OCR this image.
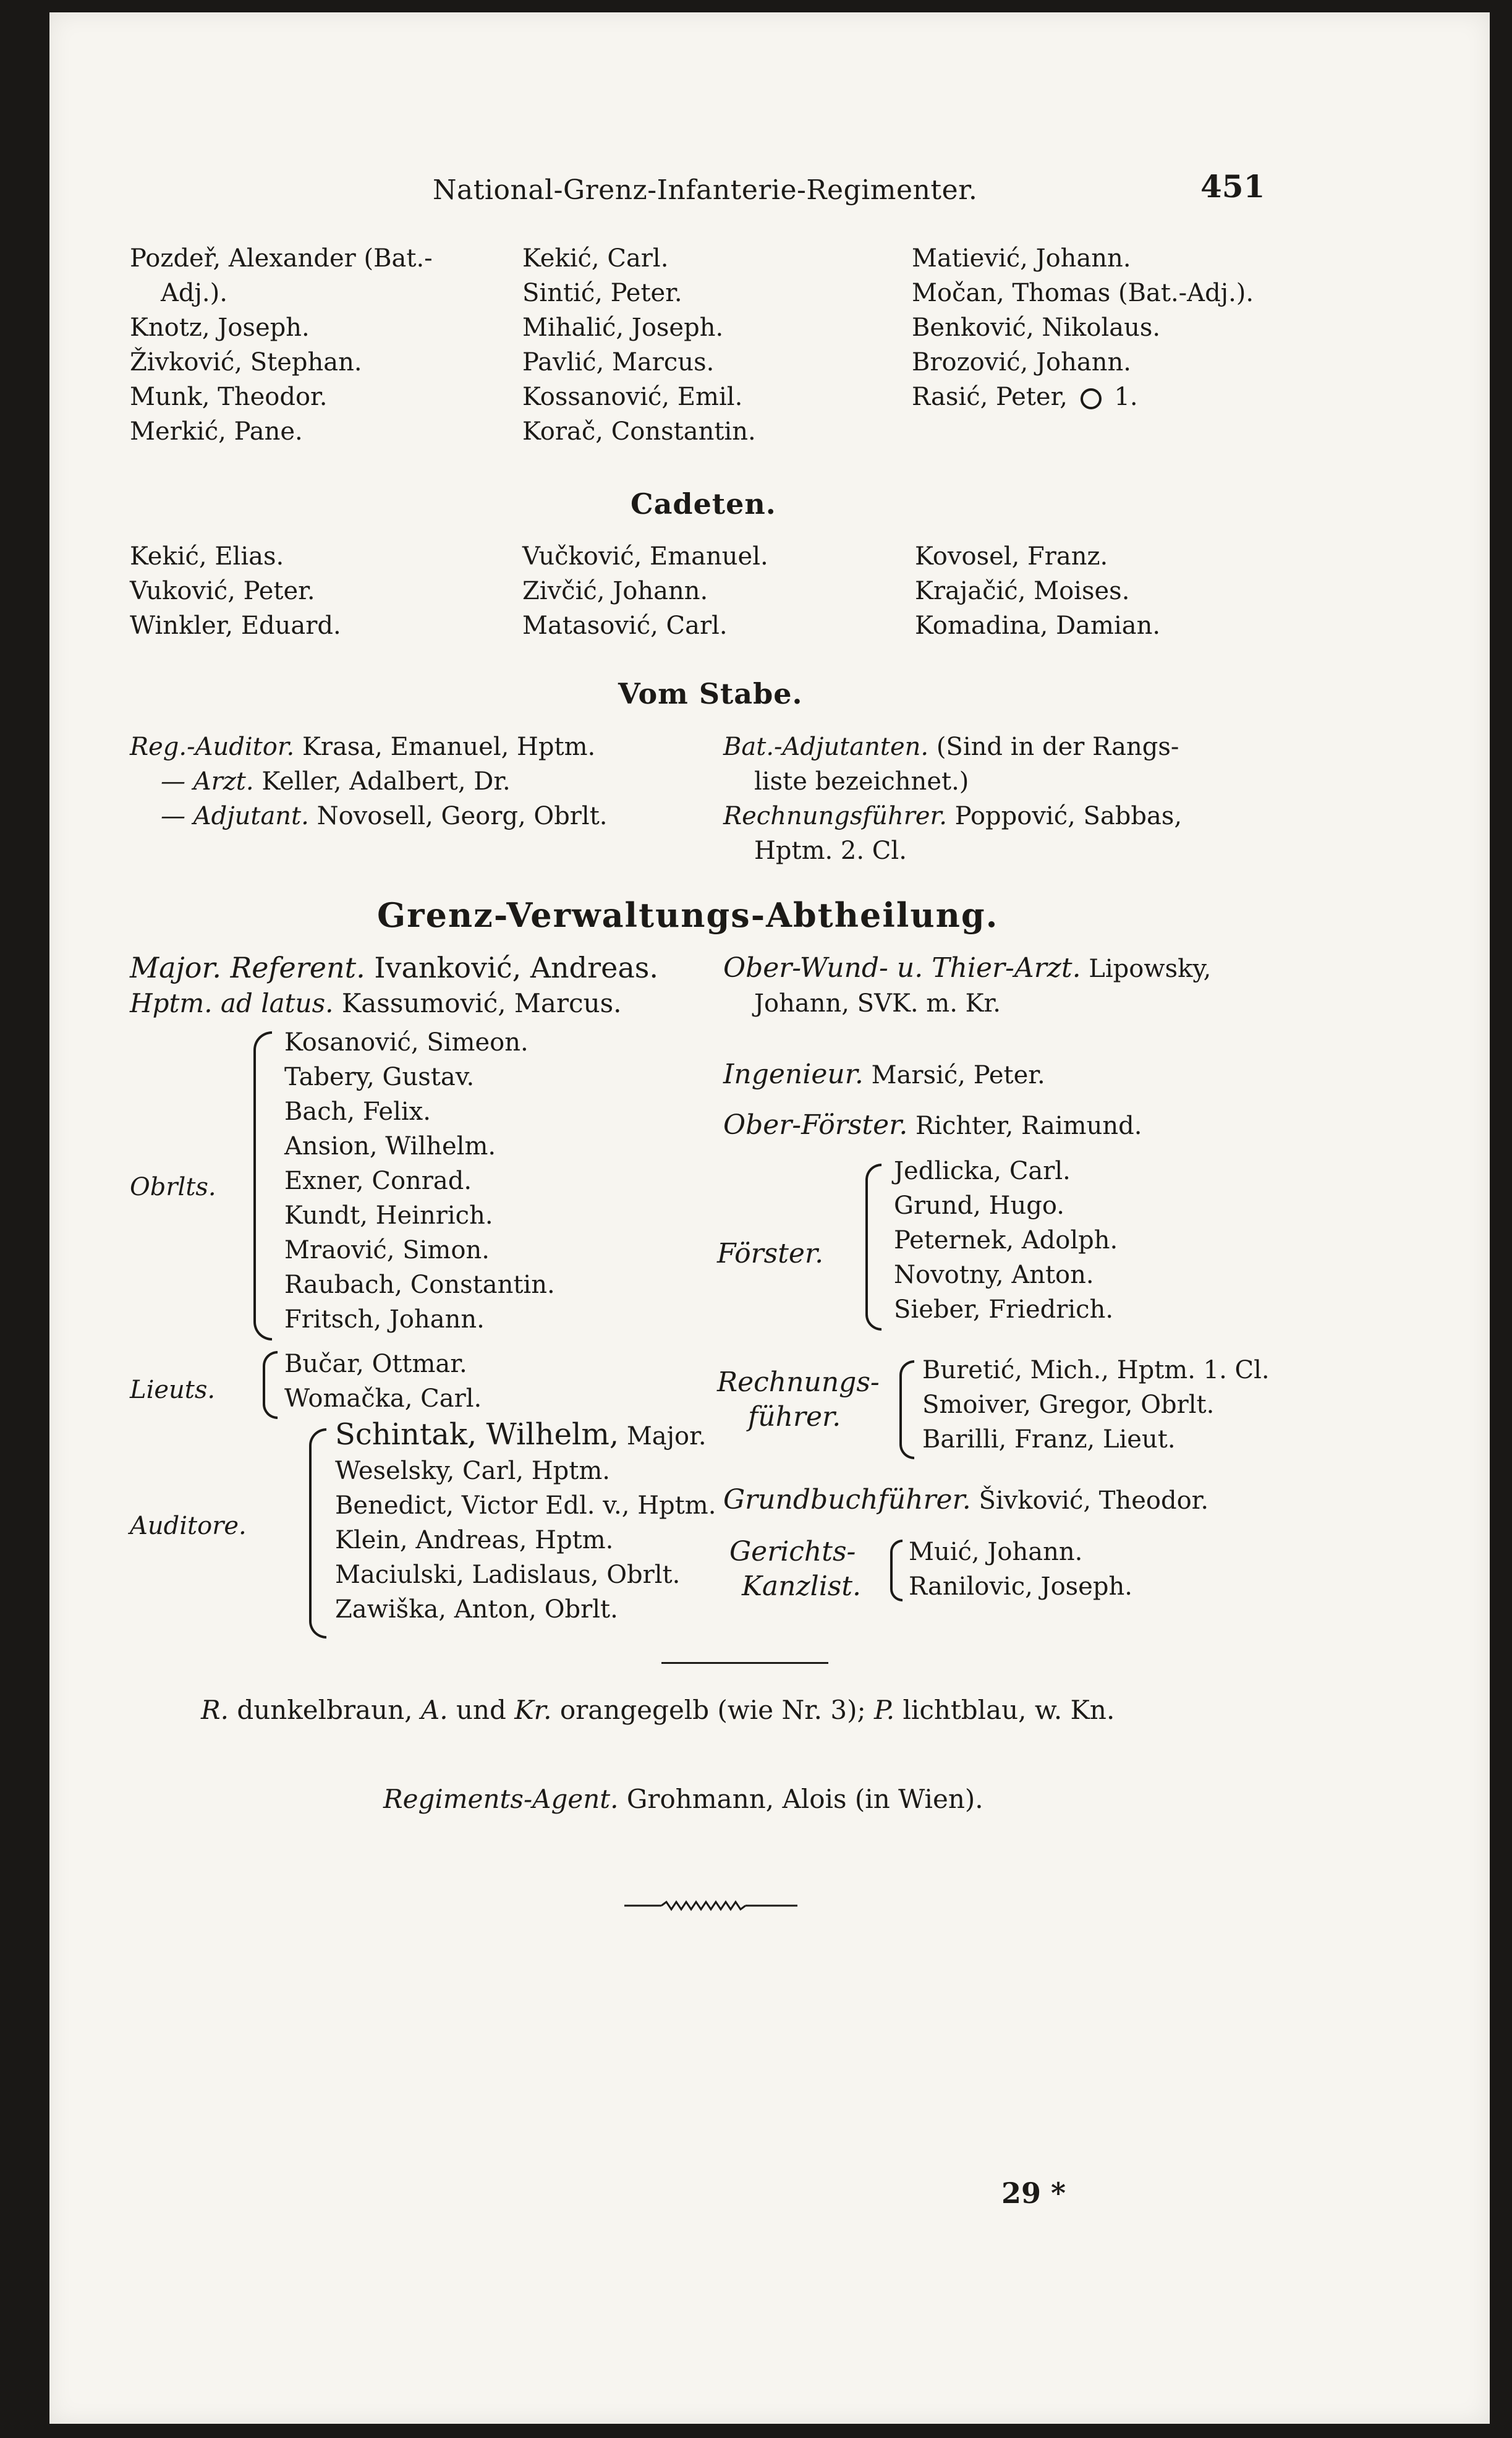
National-Grenz-Infanterie-Regimenter.	451
Pozdeř, Alexander (Bat.-
Adj.).
Knotz, Joseph.
Živković, Stephan.
Munk, Theodor.
Merkić, Pane.
Kekić, Carl.
Sintić, Peter.
Mihalić, Joseph.
Pavlić, Marcus.
Kossanović, Emil.
Korač, Constantin.
Matiević, Johann.
Močan, Thomas (Bat.-Adj.).
Benković, Nikolaus.
Brozović, Johann.
Rasić, Peter, 1.
Cadeten.
Kekić, Elias.
Vuković, Peter.
Winkler, Eduard.
Vučković, Emanuel.
Zivčić, Johann.
Matasović, Carl.
Kovosel, Franz.
Krajačić, Moises.
Komadina, Damian.
Vom Stabe.
Reg.-Auditor. Krasa, Emanuel, Hptm.
— Arzt. Keller, Adalbert, Dr.
— Adjutant. Novosell, Georg, Obrlt.
Bat.-Adjutanten. (Sind in der Rangs-
liste bezeichnet.)
Rechnungsführer. Poppović, Sabbas,
Hptm. 2. Cl.
Grenz-Verwaltungs-Abtheilung.
Major. Referent. Ivanković, Andreas.
Hptm. ad latus. Kassumović, Marcus.
Obrlts.
Kosanović, Simeon.
Tabery, Gustav.
Bach, Felix.
Ansion, Wilhelm.
Exner, Conrad.
Kundt, Heinrich.
Mraović, Simon.
Raubach, Constantin.
Fritsch, Johann.
Lieuts.
Bučar, Ottmar.
Womačka, Carl.
Auditore.
Schintak, Wilhelm, Major.
Weselsky, Carl, Hptm.
Benedict, Victor Edl. v., Hptm.
Klein, Andreas, Hptm.
Maciulski, Ladislaus, Obrlt.
Zawiška, Anton, Obrlt.
Ober-Wund- u. Thier-Arzt. Lipowsky,
Johann, SVK. m. Kr.
Ingenieur. Marsić, Peter.
Ober-Förster. Richter, Raimund.
Förster.
Jedlicka, Carl.
Grund, Hugo.
Peternek, Adolph.
Novotny, Anton.
Sieber, Friedrich.
Rechnungs-
führer.
Buretić, Mich., Hptm. 1. Cl.
Smoiver, Gregor, Obrlt.
Barilli, Franz, Lieut.
Grundbuchführer. Šivković, Theodor.
Gerichts-
Kanzlist.
Muić, Johann.
Ranilovic, Joseph.
R. dunkelbraun, A. und Kr. orangegelb (wie Nr. 3); P. lichtblau, w. Kn.
Regiments-Agent. Grohmann, Alois (in Wien).
29 *
